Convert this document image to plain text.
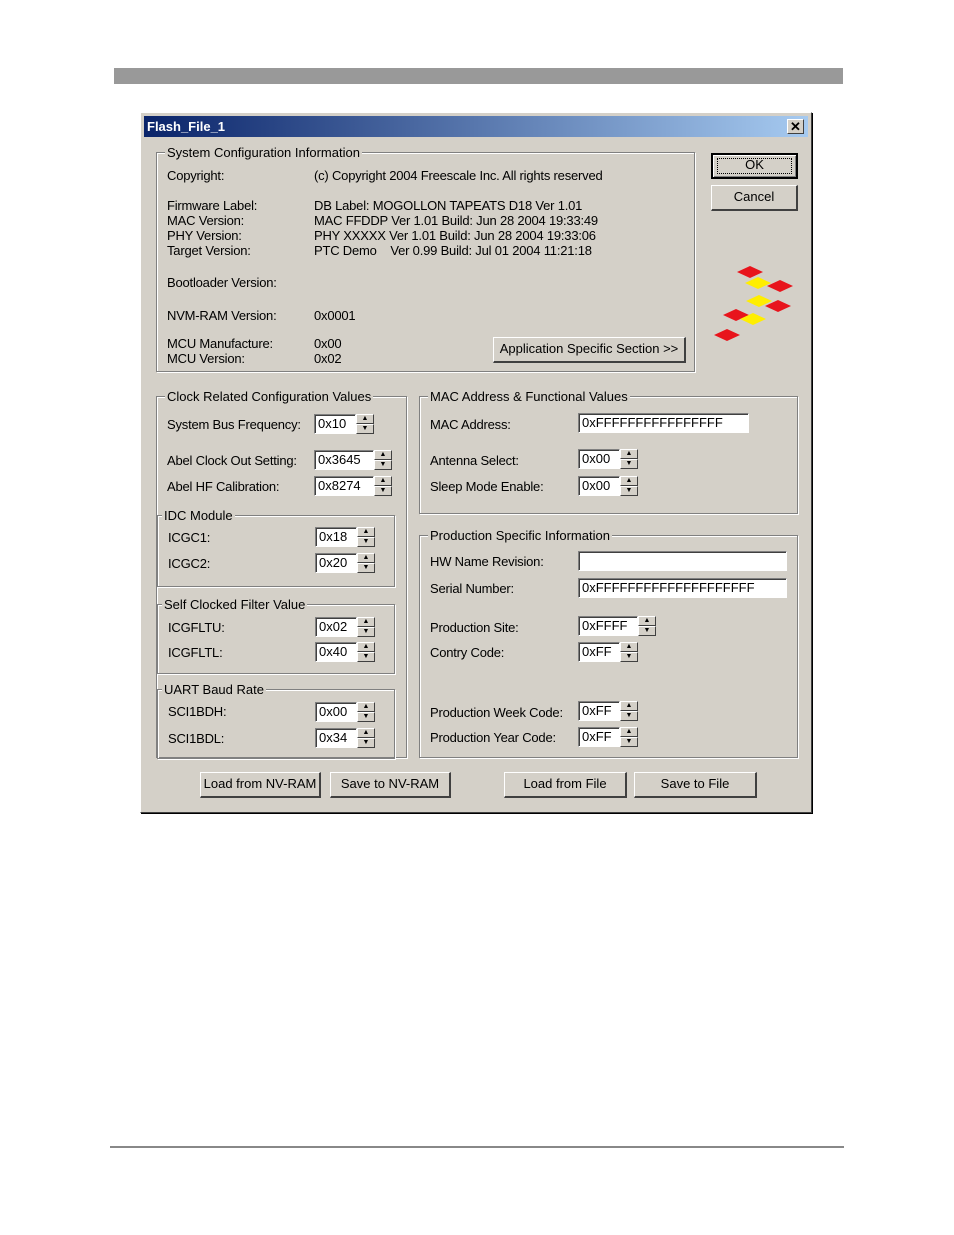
Flash_File_1	✕
System Configuration Information
Copyright:	(c) Copyright 2004 Freescale Inc. All rights reserved
Firmware Label:	DB Label: MOGOLLON TAPEATS D18 Ver 1.01
MAC Version:	MAC FFDDP Ver 1.01 Build: Jun 28 2004 19:33:49
PHY Version:	PHY XXXXX Ver 1.01 Build: Jun 28 2004 19:33:06
Target Version:	PTC Demo    Ver 0.99 Build: Jul 01 2004 11:21:18
Bootloader Version:
NVM-RAM Version:	0x0001
MCU Manufacture:	0x00
MCU Version:	0x02
Application Specific Section >>
OK
Cancel
Clock Related Configuration Values
System Bus Frequency:	0x10	▲
▼
Abel Clock Out Setting:	0x3645	▲
▼
Abel HF Calibration:	0x8274	▲
▼
IDC Module
ICGC1:	0x18	▲
▼
ICGC2:	0x20	▲
▼
Self Clocked Filter Value
ICGFLTU:	0x02	▲
▼
ICGFLTL:	0x40	▲
▼
UART Baud Rate
SCI1BDH:	0x00	▲
▼
SCI1BDL:	0x34	▲
▼
MAC Address & Functional Values
MAC Address:	0xFFFFFFFFFFFFFFFF
Antenna Select:	0x00	▲
▼
Sleep Mode Enable:	0x00	▲
▼
Production Specific Information
HW Name Revision:
Serial Number:	0xFFFFFFFFFFFFFFFFFFFF
Production Site:	0xFFFF	▲
▼
Contry Code:	0xFF	▲
▼
Production Week Code:	0xFF	▲
▼
Production Year Code:	0xFF	▲
▼
Load from NV-RAM	Save to NV-RAM	Load from File	Save to File
